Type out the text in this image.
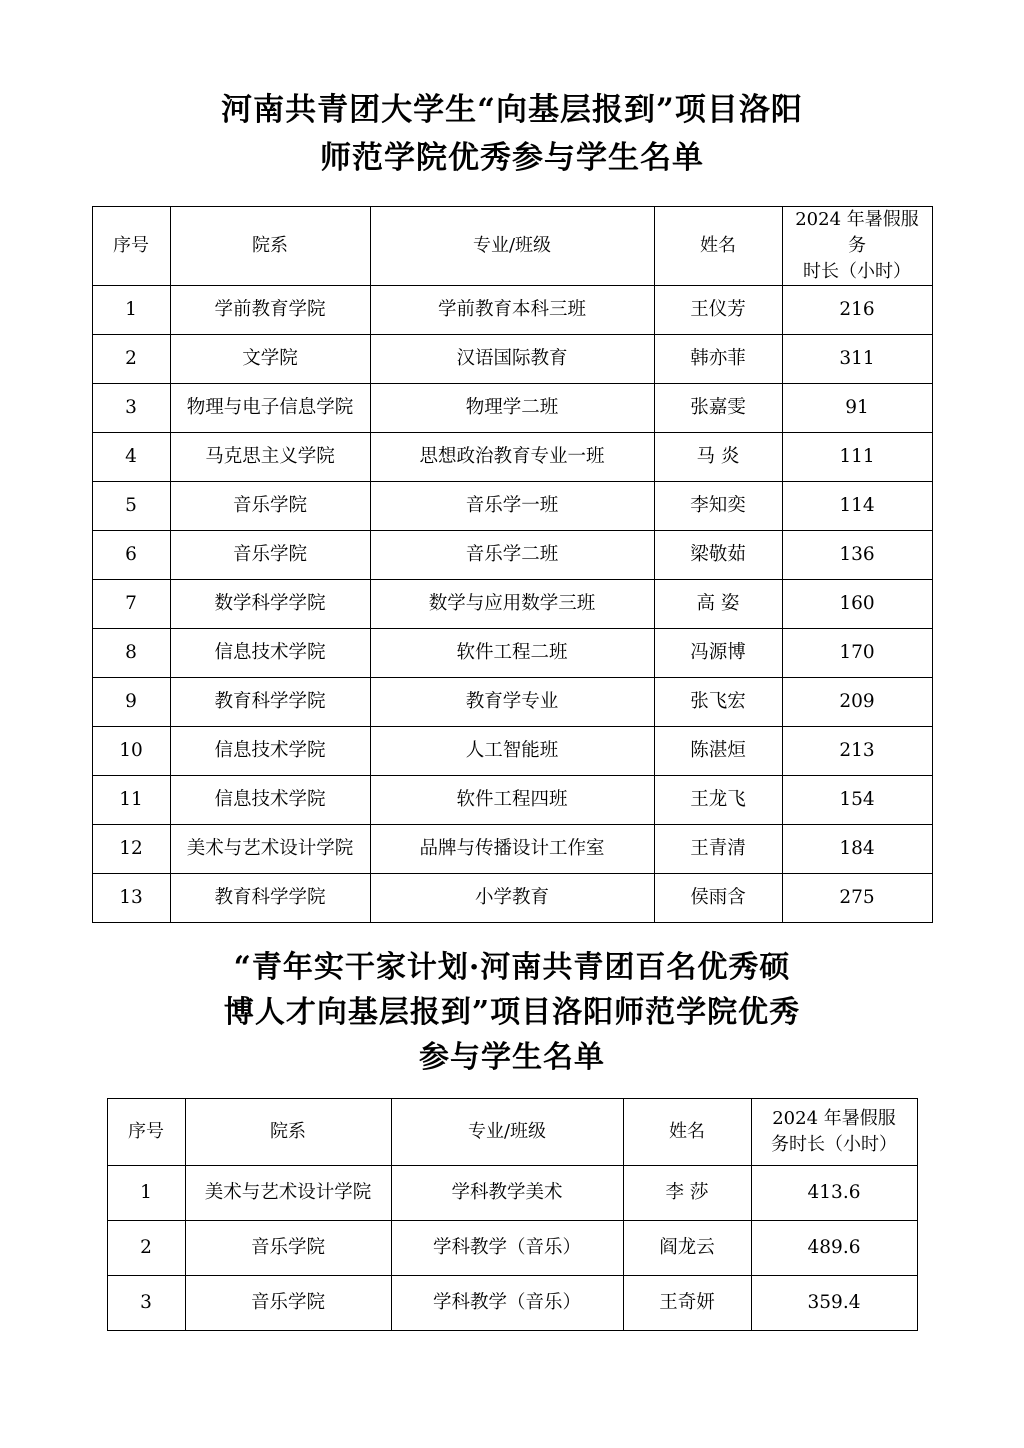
河南共青团大学生“向基层报到”项目洛阳
师范学院优秀参与学生名单
序号	院系	专业/班级	姓名	2024 年暑假服务
时长（小时）
1	学前教育学院	学前教育本科三班	王仪芳	216
2	文学院	汉语国际教育	韩亦菲	311
3	物理与电子信息学院	物理学二班	张嘉雯	91
4	马克思主义学院	思想政治教育专业一班	马 炎	111
5	音乐学院	音乐学一班	李知奕	114
6	音乐学院	音乐学二班	梁敬茹	136
7	数学科学学院	数学与应用数学三班	高 姿	160
8	信息技术学院	软件工程二班	冯源博	170
9	教育科学学院	教育学专业	张飞宏	209
10	信息技术学院	人工智能班	陈湛烜	213
11	信息技术学院	软件工程四班	王龙飞	154
12	美术与艺术设计学院	品牌与传播设计工作室	王青清	184
13	教育科学学院	小学教育	侯雨含	275
“青年实干家计划·河南共青团百名优秀硕
博人才向基层报到”项目洛阳师范学院优秀
参与学生名单
序号	院系	专业/班级	姓名	2024 年暑假服
务时长（小时）
1	美术与艺术设计学院	学科教学美术	李 莎	413.6
2	音乐学院	学科教学（音乐）	阎龙云	489.6
3	音乐学院	学科教学（音乐）	王奇妍	359.4
